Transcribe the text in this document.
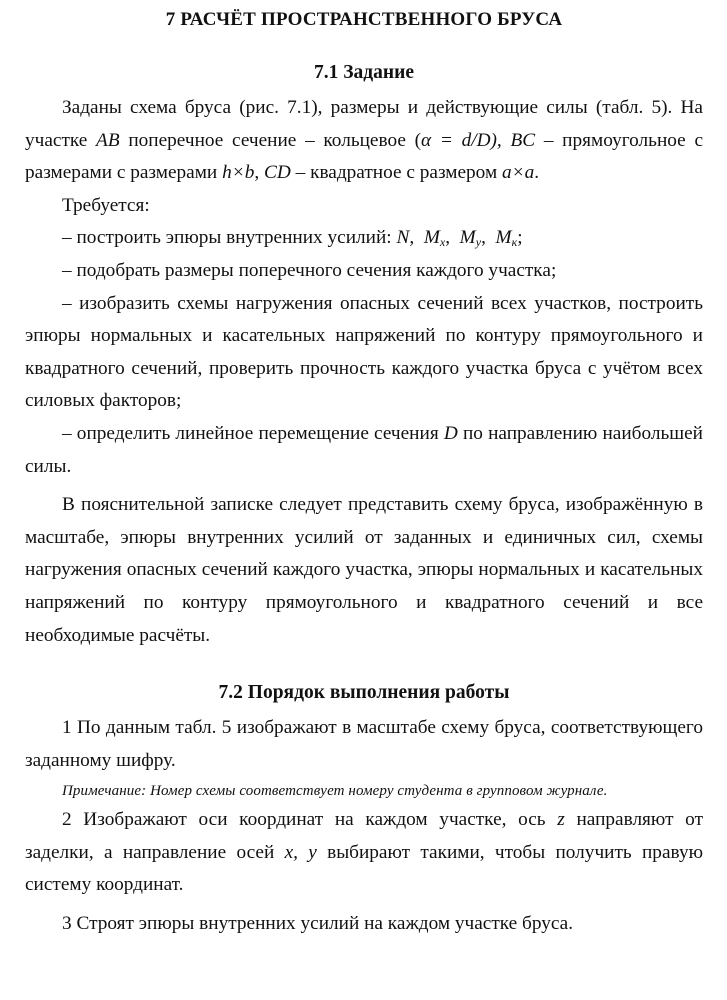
7 РАСЧЁТ ПРОСТРАНСТВЕННОГО БРУСА
7.1 Задание

Заданы схема бруса (рис. 7.1), размеры и действующие силы (табл. 5). На участке AB поперечное сечение – кольцевое (α = d/D), BC – прямоугольное с размерами с размерами h×b, CD – квадратное с размером a×a.

Требуется:

– построить эпюры внутренних усилий: N,  $M_x$,  $M_y$,  $M_к$;

– подобрать размеры поперечного сечения каждого участка;

– изобразить схемы нагружения опасных сечений всех участков, построить эпюры нормальных и касательных напряжений по контуру прямоугольного и квадратного сечений, проверить прочность каждого участка бруса с учётом всех силовых факторов;

– определить линейное перемещение сечения D по направлению наибольшей силы.

В пояснительной записке следует представить схему бруса, изображённую в масштабе, эпюры внутренних усилий от заданных и единичных сил, схемы нагружения опасных сечений каждого участка, эпюры нормальных и касательных напряжений по контуру прямоугольного и квадратного сечений и все необходимые расчёты.

7.2 Порядок выполнения работы

1 По данным табл. 5 изображают в масштабе схему бруса, соответствующего заданному шифру.

Примечание: Номер схемы соответствует номеру студента в групповом журнале.

2 Изображают оси координат на каждом участке, ось z направляют от заделки, а направление осей x, y выбирают такими, чтобы получить правую систему координат.

3 Строят эпюры внутренних усилий на каждом участке бруса.
